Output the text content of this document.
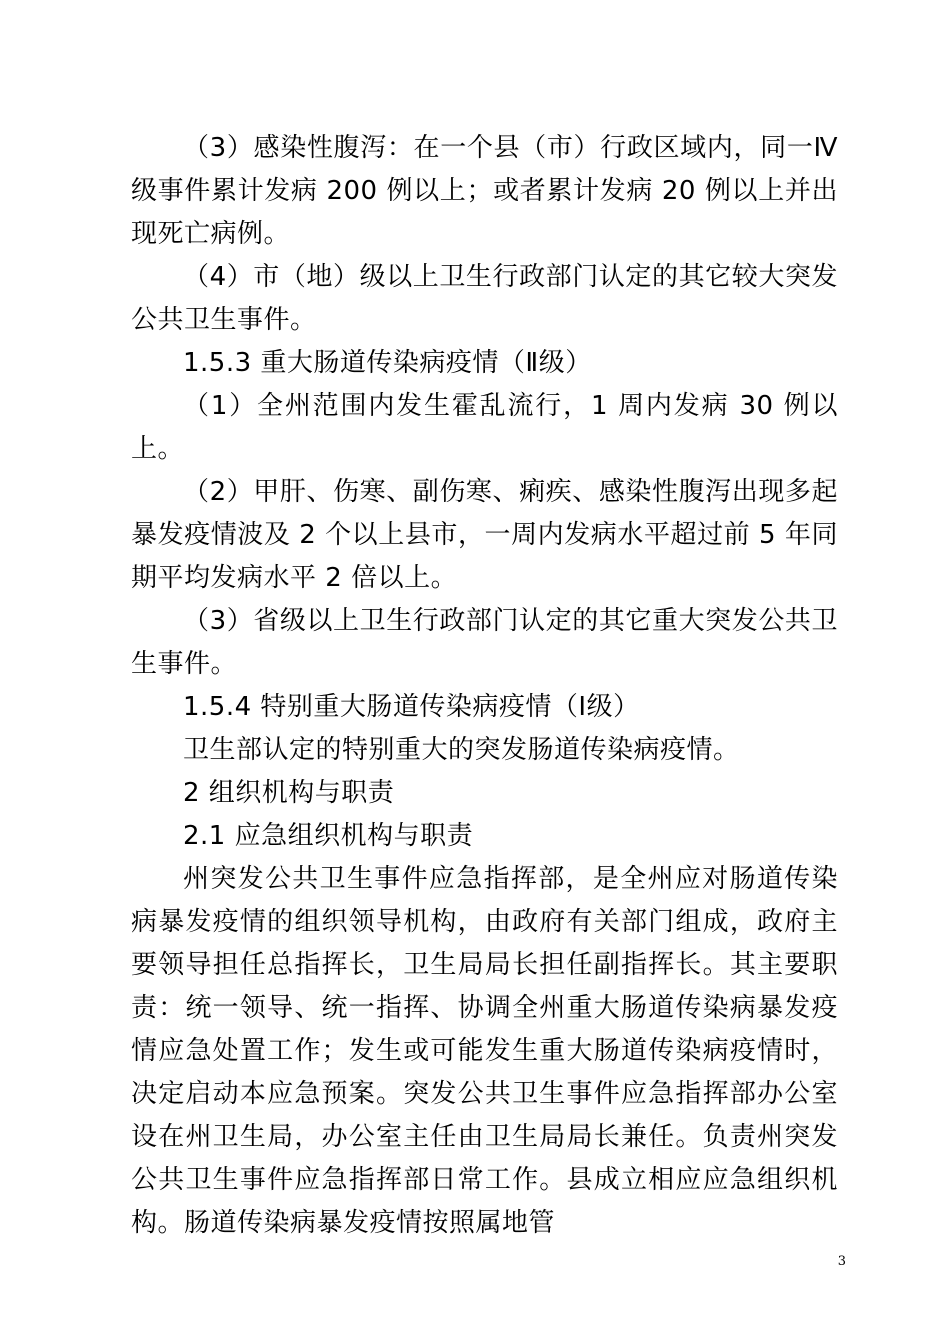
（3）感染性腹泻：在一个县（市）行政区域内，同一Ⅳ级事件累计发病 200 例以上；或者累计发病 20 例以上并出现死亡病例。

（4）市（地）级以上卫生行政部门认定的其它较大突发公共卫生事件。

1.5.3 重大肠道传染病疫情（Ⅱ级）

（1）全州范围内发生霍乱流行，1 周内发病 30 例以上。

（2）甲肝、伤寒、副伤寒、痢疾、感染性腹泻出现多起暴发疫情波及 2 个以上县市，一周内发病水平超过前 5 年同期平均发病水平 2 倍以上。

（3）省级以上卫生行政部门认定的其它重大突发公共卫生事件。

1.5.4 特别重大肠道传染病疫情（Ⅰ级）

卫生部认定的特别重大的突发肠道传染病疫情。

2 组织机构与职责

2.1 应急组织机构与职责

州突发公共卫生事件应急指挥部，是全州应对肠道传染病暴发疫情的组织领导机构，由政府有关部门组成，政府主要领导担任总指挥长，卫生局局长担任副指挥长。其主要职责：统一领导、统一指挥、协调全州重大肠道传染病暴发疫情应急处置工作；发生或可能发生重大肠道传染病疫情时，决定启动本应急预案。突发公共卫生事件应急指挥部办公室设在州卫生局，办公室主任由卫生局局长兼任。负责州突发公共卫生事件应急指挥部日常工作。县成立相应应急组织机构。肠道传染病暴发疫情按照属地管

3
